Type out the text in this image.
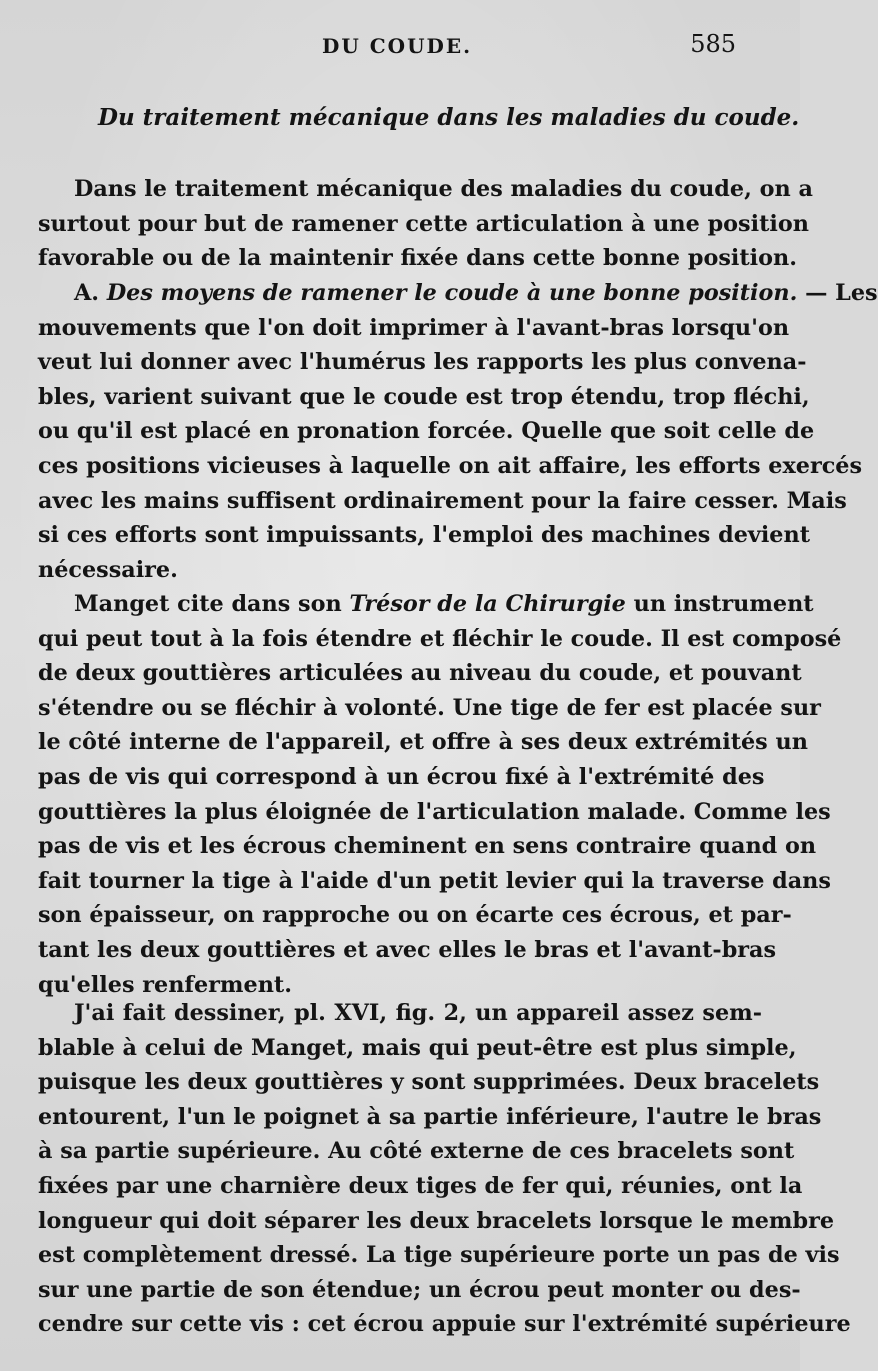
DU COUDE.	585
Du traitement mécanique dans les maladies du coude.
Dans le traitement mécanique des maladies du coude, on a
surtout pour but de ramener cette articulation à une position
favorable ou de la maintenir fixée dans cette bonne position.
A. Des moyens de ramener le coude à une bonne position. — Les
mouvements que l'on doit imprimer à l'avant-bras lorsqu'on
veut lui donner avec l'humérus les rapports les plus convena-
bles, varient suivant que le coude est trop étendu, trop fléchi,
ou qu'il est placé en pronation forcée. Quelle que soit celle de
ces positions vicieuses à laquelle on ait affaire, les efforts exercés
avec les mains suffisent ordinairement pour la faire cesser. Mais
si ces efforts sont impuissants, l'emploi des machines devient
nécessaire.
Manget cite dans son Trésor de la Chirurgie un instrument
qui peut tout à la fois étendre et fléchir le coude. Il est composé
de deux gouttières articulées au niveau du coude, et pouvant
s'étendre ou se fléchir à volonté. Une tige de fer est placée sur
le côté interne de l'appareil, et offre à ses deux extrémités un
pas de vis qui correspond à un écrou fixé à l'extrémité des
gouttières la plus éloignée de l'articulation malade. Comme les
pas de vis et les écrous cheminent en sens contraire quand on
fait tourner la tige à l'aide d'un petit levier qui la traverse dans
son épaisseur, on rapproche ou on écarte ces écrous, et par-
tant les deux gouttières et avec elles le bras et l'avant-bras
qu'elles renferment.
J'ai fait dessiner, pl. XVI, fig. 2, un appareil assez sem-
blable à celui de Manget, mais qui peut-être est plus simple,
puisque les deux gouttières y sont supprimées. Deux bracelets
entourent, l'un le poignet à sa partie inférieure, l'autre le bras
à sa partie supérieure. Au côté externe de ces bracelets sont
fixées par une charnière deux tiges de fer qui, réunies, ont la
longueur qui doit séparer les deux bracelets lorsque le membre
est complètement dressé. La tige supérieure porte un pas de vis
sur une partie de son étendue; un écrou peut monter ou des-
cendre sur cette vis : cet écrou appuie sur l'extrémité supérieure
